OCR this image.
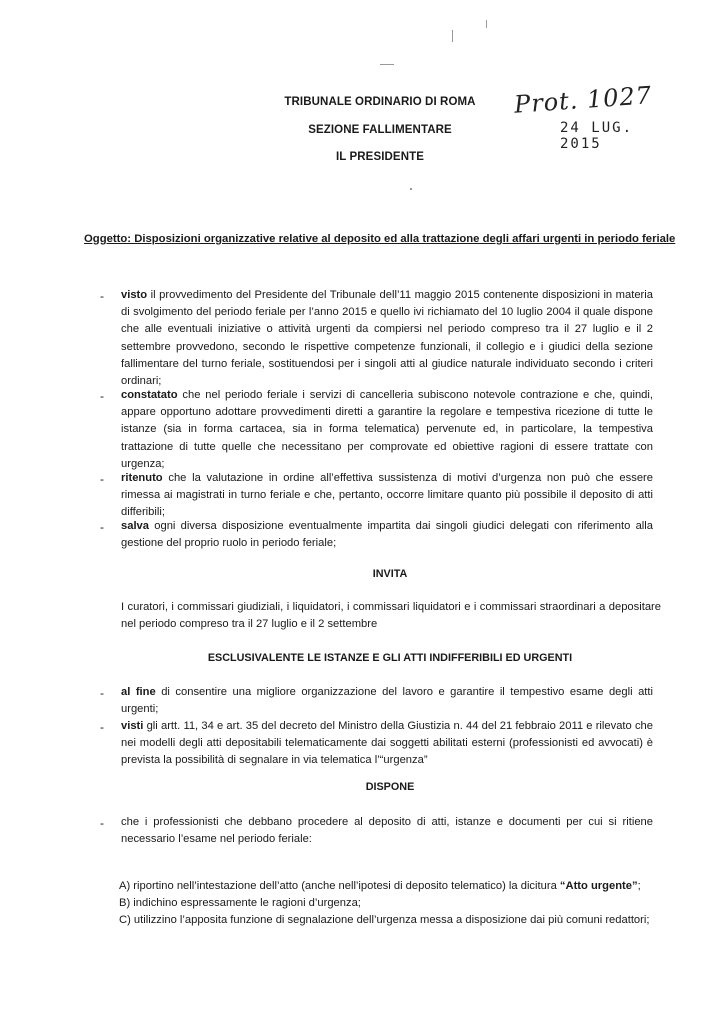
TRIBUNALE ORDINARIO DI ROMA
SEZIONE FALLIMENTARE
IL PRESIDENTE
Prot. 1027
24 LUG. 2015
Oggetto: Disposizioni organizzative relative al deposito ed alla trattazione degli affari urgenti in periodo feriale
- visto il provvedimento del Presidente del Tribunale dell’11 maggio 2015 contenente disposizioni in materia di svolgimento del periodo feriale per l’anno 2015 e quello ivi richiamato del 10 luglio 2004 il quale dispone che alle eventuali iniziative o attività urgenti da compiersi nel periodo compreso tra il 27 luglio e il 2 settembre provvedono, secondo le rispettive competenze funzionali, il collegio e i giudici della sezione fallimentare del turno feriale, sostituendosi per i singoli atti al giudice naturale individuato secondo i criteri ordinari;
- constatato che nel periodo feriale i servizi di cancelleria subiscono notevole contrazione e che, quindi, appare opportuno adottare provvedimenti diretti a garantire la regolare e tempestiva ricezione di tutte le istanze (sia in forma cartacea, sia in forma telematica) pervenute ed, in particolare, la tempestiva trattazione di tutte quelle che necessitano per comprovate ed obiettive ragioni di essere trattate con urgenza;
- ritenuto che la valutazione in ordine all’effettiva sussistenza di motivi d’urgenza non può che essere rimessa ai magistrati in turno feriale e che, pertanto, occorre limitare quanto più possibile il deposito di atti differibili;
- salva ogni diversa disposizione eventualmente impartita dai singoli giudici delegati con riferimento alla gestione del proprio ruolo in periodo feriale;
INVITA
I curatori, i commissari giudiziali, i liquidatori, i commissari liquidatori e i commissari straordinari a depositare nel periodo compreso tra il 27 luglio e il 2 settembre
ESCLUSIVALENTE LE ISTANZE E GLI ATTI INDIFFERIBILI ED URGENTI
- al fine di consentire una migliore organizzazione del lavoro e garantire il tempestivo esame degli atti urgenti;
- visti gli artt. 11, 34 e art. 35 del decreto del Ministro della Giustizia n. 44 del 21 febbraio 2011 e rilevato che nei modelli degli atti depositabili telematicamente dai soggetti abilitati esterni (professionisti ed avvocati) è prevista la possibilità di segnalare in via telematica l’“urgenza”
DISPONE
- che i professionisti che debbano procedere al deposito di atti, istanze e documenti per cui si ritiene necessario l’esame nel periodo feriale:
A) riportino nell’intestazione dell’atto (anche nell’ipotesi di deposito telematico) la dicitura “Atto urgente”;
B) indichino espressamente le ragioni d’urgenza;
C) utilizzino l’apposita funzione di segnalazione dell’urgenza messa a disposizione dai più comuni redattori;
